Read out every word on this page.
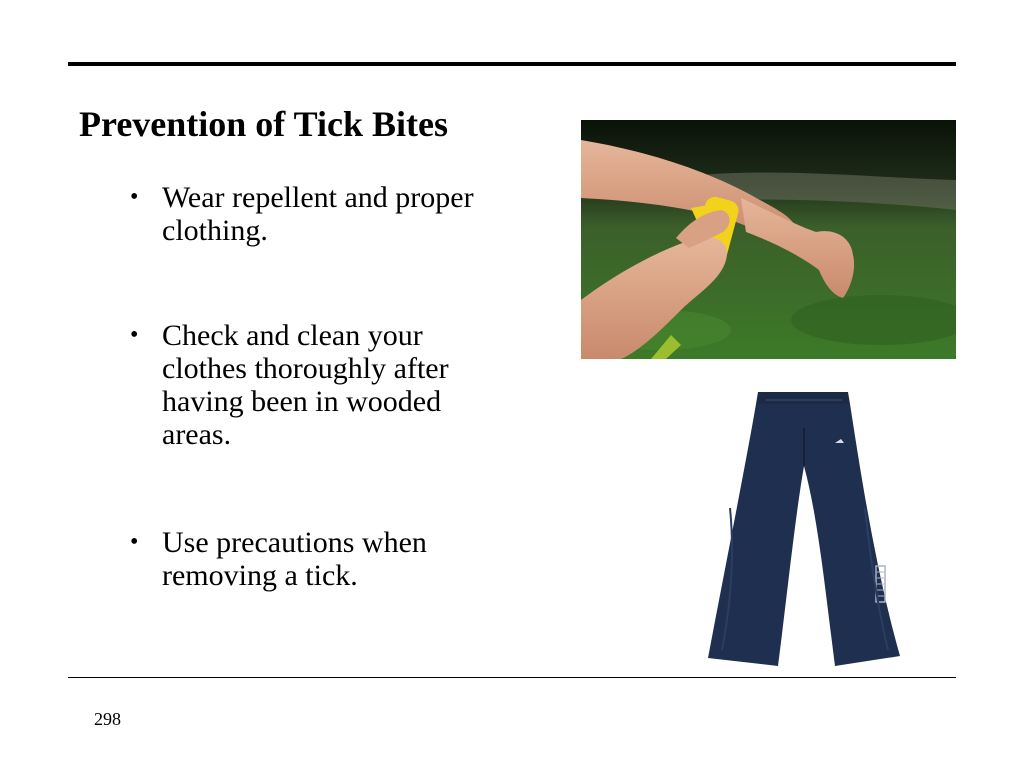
Prevention of Tick Bites
• Wear repellent and proper clothing.
• Check and clean your clothes thoroughly after having been in wooded areas.
• Use precautions when removing a tick.
298
